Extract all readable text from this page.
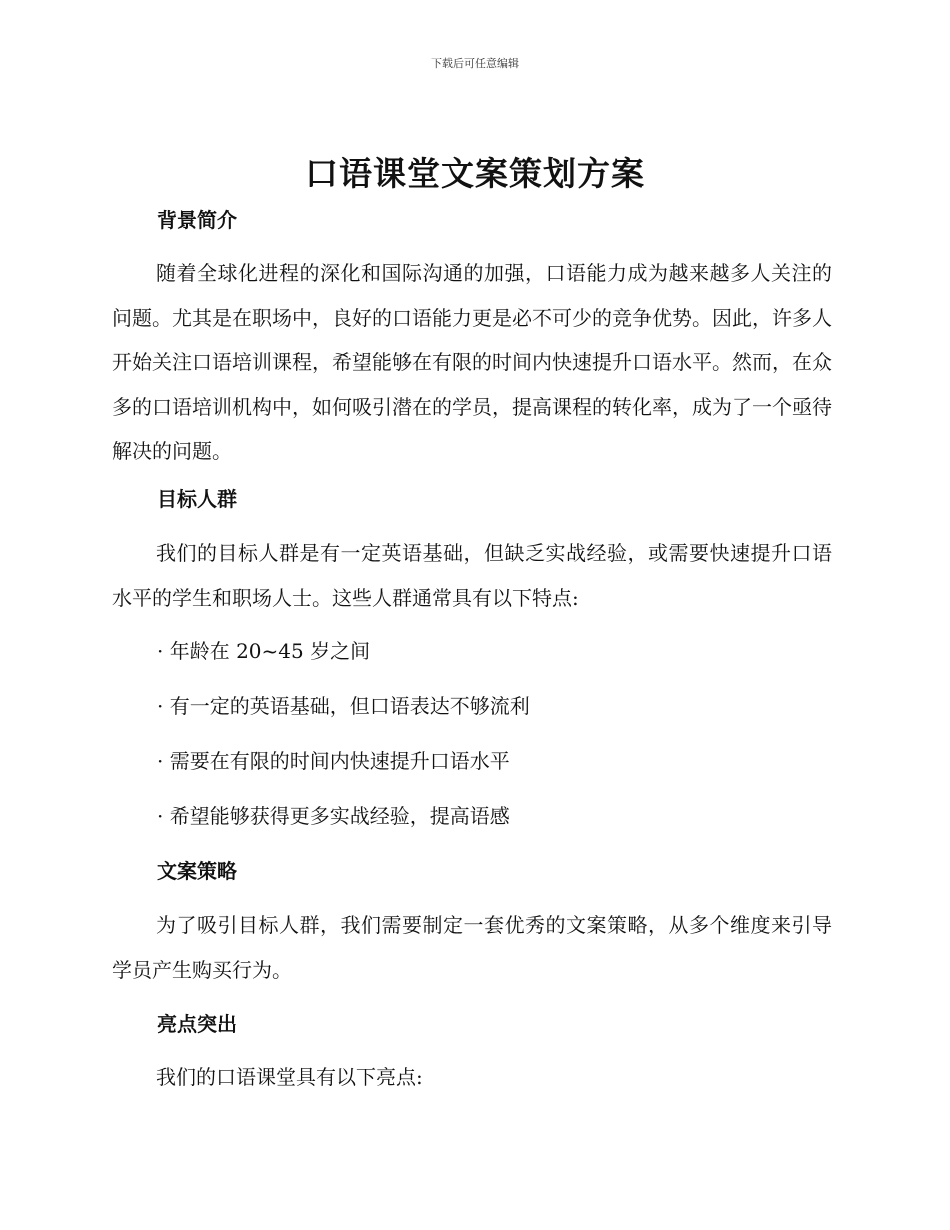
下载后可任意编辑
口语课堂文案策划方案
背景简介

随着全球化进程的深化和国际沟通的加强，口语能力成为越来越多人关注的问题。尤其是在职场中，良好的口语能力更是必不可少的竞争优势。因此，许多人开始关注口语培训课程，希望能够在有限的时间内快速提升口语水平。然而，在众多的口语培训机构中，如何吸引潜在的学员，提高课程的转化率，成为了一个亟待解决的问题。

目标人群

我们的目标人群是有一定英语基础，但缺乏实战经验，或需要快速提升口语水平的学生和职场人士。这些人群通常具有以下特点:

· 年龄在 20~45 岁之间

· 有一定的英语基础，但口语表达不够流利

· 需要在有限的时间内快速提升口语水平

· 希望能够获得更多实战经验，提高语感

文案策略

为了吸引目标人群，我们需要制定一套优秀的文案策略，从多个维度来引导学员产生购买行为。

亮点突出

我们的口语课堂具有以下亮点:
